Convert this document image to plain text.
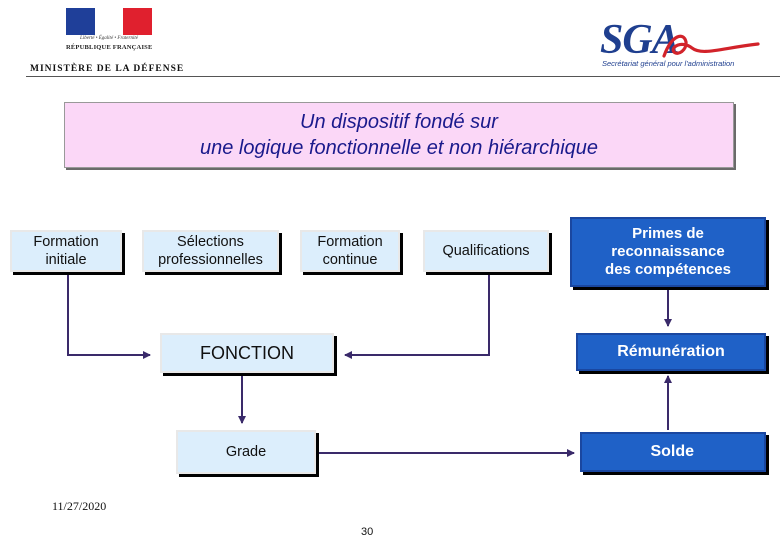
Liberté • Égalité • Fraternité
RÉPUBLIQUE FRANÇAISE
MINISTÈRE DE LA DÉFENSE
SGA
Secrétariat général pour l'administration
Un dispositif fondé sur
une logique fonctionnelle et non hiérarchique
Formation
initiale
Sélections
professionnelles
Formation
continue
Qualifications
Primes de
reconnaissance
des compétences
FONCTION	Rémunération
Grade	Solde
11/27/2020
30
